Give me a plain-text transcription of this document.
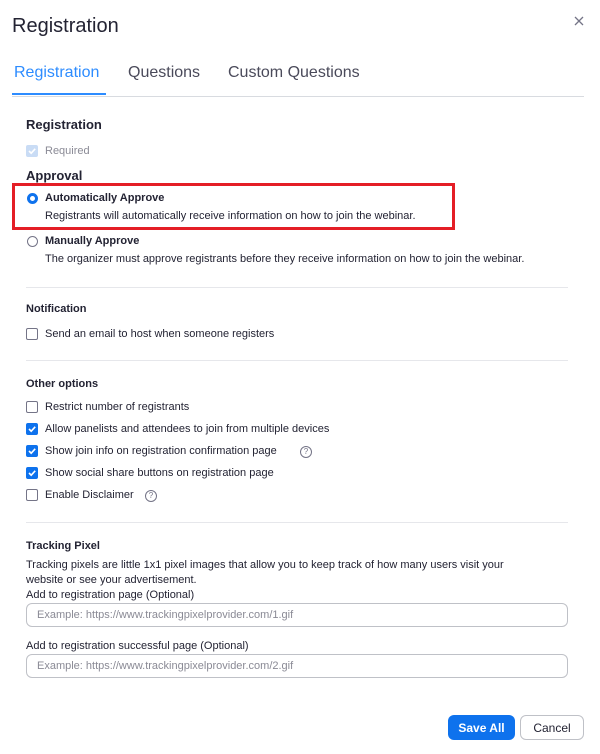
Registration
Registration Questions Custom Questions
Registration
Required
Approval
Automatically Approve
Registrants will automatically receive information on how to join the webinar.
Manually Approve
The organizer must approve registrants before they receive information on how to join the webinar.
Notification
Send an email to host when someone registers
Other options
Restrict number of registrants
Allow panelists and attendees to join from multiple devices
Show join info on registration confirmation page	?
Show social share buttons on registration page
Enable Disclaimer	?
Tracking Pixel
Tracking pixels are little 1x1 pixel images that allow you to keep track of how many users visit your
website or see your advertisement.
Add to registration page (Optional)
Example: https://www.trackingpixelprovider.com/1.gif
Add to registration successful page (Optional)
Example: https://www.trackingpixelprovider.com/2.gif
Save All	Cancel
